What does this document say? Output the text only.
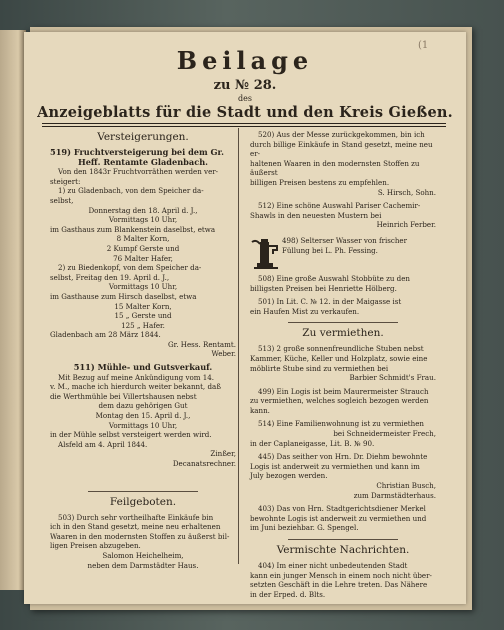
(1
Beilage
zu № 28.
des
Anzeigeblatts für die Stadt und den Kreis Gießen.

Versteigerungen.

519) Fruchtversteigerung bei dem Gr.

Heff. Rentamte Gladenbach.

Von den 1843r Fruchtvorräthen werden ver-

steigert:

1) zu Gladenbach, von dem Speicher da-

selbst,

Donnerstag den 18. April d. J.,

Vormittags 10 Uhr,

im Gasthaus zum Blankenstein daselbst, etwa

8 Malter Korn,

2 Kumpf Gerste und

76 Malter Hafer,

2) zu Biedenkopf, von dem Speicher da-

selbst, Freitag den 19. April d. J.,

Vormittags 10 Uhr,

im Gasthause zum Hirsch daselbst, etwa

15 Malter Korn,

15 „ Gerste und

125 „ Hafer.

Gladenbach am 28 März 1844.

Gr. Hess. Rentamt.

Weber.

511) Mühle- und Gutsverkauf.

Mit Bezug auf meine Ankündigung vom 14.

v. M., mache ich hierdurch weiter bekannt, daß

die Werthmühle bei Villertshausen nebst

dem dazu gehörigen Gut

Montag den 15. April d. J.,

Vormittags 10 Uhr,

in der Mühle selbst versteigert werden wird.

Alsfeld am 4. April 1844.

Zinßer,

Decanatsrechner.

Feilgeboten.

503) Durch sehr vortheilhafte Einkäufe bin

ich in den Stand gesetzt, meine neu erhaltenen

Waaren in den modernsten Stoffen zu äußerst bil-

ligen Preisen abzugeben.

Salomon Heichelheim,

neben dem Darmstädter Haus.

520) Aus der Messe zurückgekommen, bin ich

durch billige Einkäufe in Stand gesetzt, meine neu er-

haltenen Waaren in den modernsten Stoffen zu äußerst

billigen Preisen bestens zu empfehlen.

S. Hirsch, Sohn.

512) Eine schöne Auswahl Pariser Cachemir-

Shawls in den neuesten Mustern bei

Heinrich Ferber.

498) Selterser Wasser von frischer

Füllung bei L. Ph. Fessing.

508) Eine große Auswahl Stobbüte zu den

billigsten Preisen bei Henriette Hölberg.

501) In Lit. C. № 12. in der Maigasse ist

ein Haufen Mist zu verkaufen.

Zu vermiethen.

513) 2 große sonnenfreundliche Stuben nebst

Kammer, Küche, Keller und Holzplatz, sowie eine

möblirte Stube sind zu vermiethen bei

Barbier Schmidt's Frau.

499) Ein Logis ist beim Maurermeister Strauch

zu vermiethen, welches sogleich bezogen werden

kann.

514) Eine Familienwohnung ist zu vermiethen

bei Schneidermeister Frech,

in der Caplaneigasse, Lit. B. № 90.

445) Das seither von Hrn. Dr. Diehm bewohnte

Logis ist anderweit zu vermiethen und kann im

July bezogen werden.

Christian Busch,

zum Darmstädterhaus.

403) Das von Hrn. Stadtgerichtsdiener Merkel

bewohnte Logis ist anderweit zu vermiethen und

im Juni beziehbar. G. Spengel.

Vermischte Nachrichten.

404) Im einer nicht unbedeutenden Stadt

kann ein junger Mensch in einem noch nicht über-

setzten Geschäft in die Lehre treten. Das Nähere

in der Erped. d. Blts.
